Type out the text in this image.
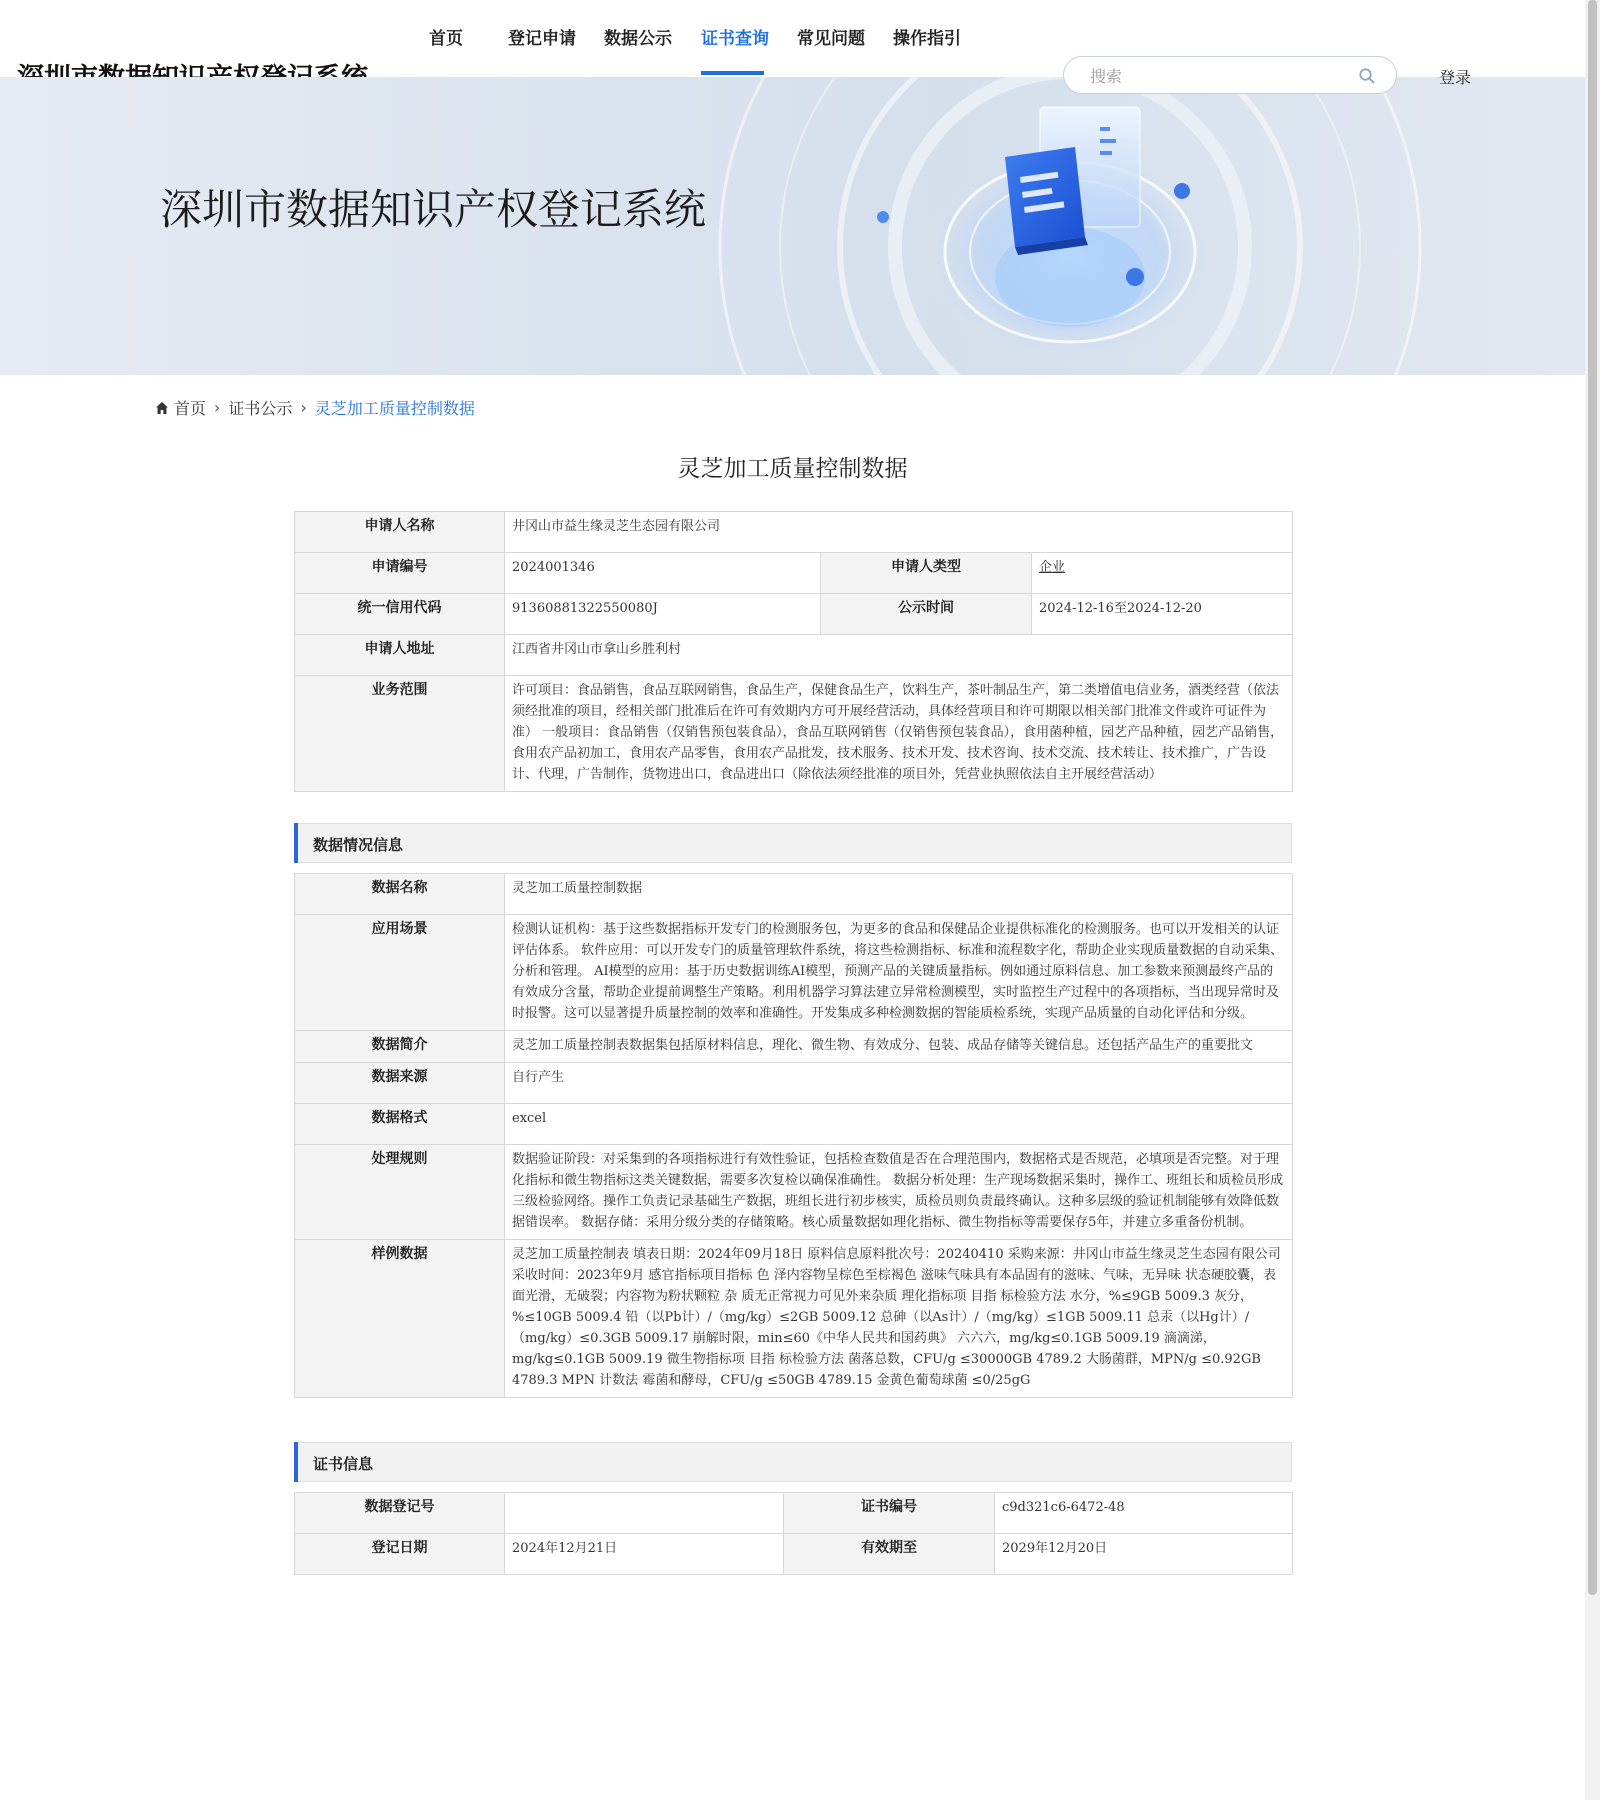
首页	登记申请 数据公示 证书查询 常见问题 操作指引
深圳市数据知识产权登记系统
搜索
登录
首页 › 证书公示 › 灵芝加工质量控制数据
灵芝加工质量控制数据
申请人名称	井冈山市益生缘灵芝生态园有限公司		
申请编号	2024001346	申请人类型	企业
统一信用代码	91360881322550080J	公示时间	2024-12-16至2024-12-20
申请人地址	江西省井冈山市拿山乡胜利村		
业务范围	许可项目：食品销售，食品互联网销售，食品生产，保健食品生产，饮料生产，茶叶制品生产，第二类增值电信业务，酒类经营（依法须经批准的项目，经相关部门批准后在许可有效期内方可开展经营活动，具体经营项目和许可期限以相关部门批准文件或许可证件为准） 一般项目：食品销售（仅销售预包装食品），食品互联网销售（仅销售预包装食品），食用菌种植，园艺产品种植，园艺产品销售，食用农产品初加工，食用农产品零售，食用农产品批发，技术服务、技术开发、技术咨询、技术交流、技术转让、技术推广，广告设计、代理，广告制作，货物进出口，食品进出口（除依法须经批准的项目外，凭营业执照依法自主开展经营活动）		
数据情况信息
数据名称	灵芝加工质量控制数据
应用场景	检测认证机构：基于这些数据指标开发专门的检测服务包，为更多的食品和保健品企业提供标准化的检测服务。也可以开发相关的认证评估体系。 软件应用：可以开发专门的质量管理软件系统，将这些检测指标、标准和流程数字化，帮助企业实现质量数据的自动采集、分析和管理。 AI模型的应用：基于历史数据训练AI模型，预测产品的关键质量指标。例如通过原料信息、加工参数来预测最终产品的有效成分含量，帮助企业提前调整生产策略。利用机器学习算法建立异常检测模型，实时监控生产过程中的各项指标，当出现异常时及时报警。这可以显著提升质量控制的效率和准确性。开发集成多种检测数据的智能质检系统，实现产品质量的自动化评估和分级。
数据简介	灵芝加工质量控制表数据集包括原材料信息，理化、微生物、有效成分、包装、成品存储等关键信息。还包括产品生产的重要批文
数据来源	自行产生
数据格式	excel
处理规则	数据验证阶段：对采集到的各项指标进行有效性验证，包括检查数值是否在合理范围内，数据格式是否规范，必填项是否完整。对于理化指标和微生物指标这类关键数据，需要多次复检以确保准确性。 数据分析处理：生产现场数据采集时，操作工、班组长和质检员形成三级检验网络。操作工负责记录基础生产数据，班组长进行初步核实，质检员则负责最终确认。这种多层级的验证机制能够有效降低数据错误率。 数据存储：采用分级分类的存储策略。核心质量数据如理化指标、微生物指标等需要保存5年，并建立多重备份机制。
样例数据	灵芝加工质量控制表 填表日期：2024年09月18日 原料信息原料批次号：20240410 采购来源：井冈山市益生缘灵芝生态园有限公司 采收时间：2023年9月 感官指标项目指标 色 泽内容物呈棕色至棕褐色 滋味气味具有本品固有的滋味、气味，无异味 状态硬胶囊，表面光滑，无破裂；内容物为粉状颗粒 杂 质无正常视力可见外来杂质 理化指标项 目指 标检验方法 水分，%≤9GB 5009.3 灰分，%≤10GB 5009.4 铅（以Pb计）/（mg/kg）≤2GB 5009.12 总砷（以As计）/（mg/kg）≤1GB 5009.11 总汞（以Hg计）/（mg/kg）≤0.3GB 5009.17 崩解时限，min≤60《中华人民共和国药典》 六六六，mg/kg≤0.1GB 5009.19 滴滴涕，mg/kg≤0.1GB 5009.19 微生物指标项 目指 标检验方法 菌落总数，CFU/g ≤30000GB 4789.2 大肠菌群，MPN/g ≤0.92GB 4789.3 MPN 计数法 霉菌和酵母，CFU/g ≤50GB 4789.15 金黄色葡萄球菌 ≤0/25gG
证书信息
数据登记号		证书编号	c9d321c6-6472-48
登记日期	2024年12月21日	有效期至	2029年12月20日
